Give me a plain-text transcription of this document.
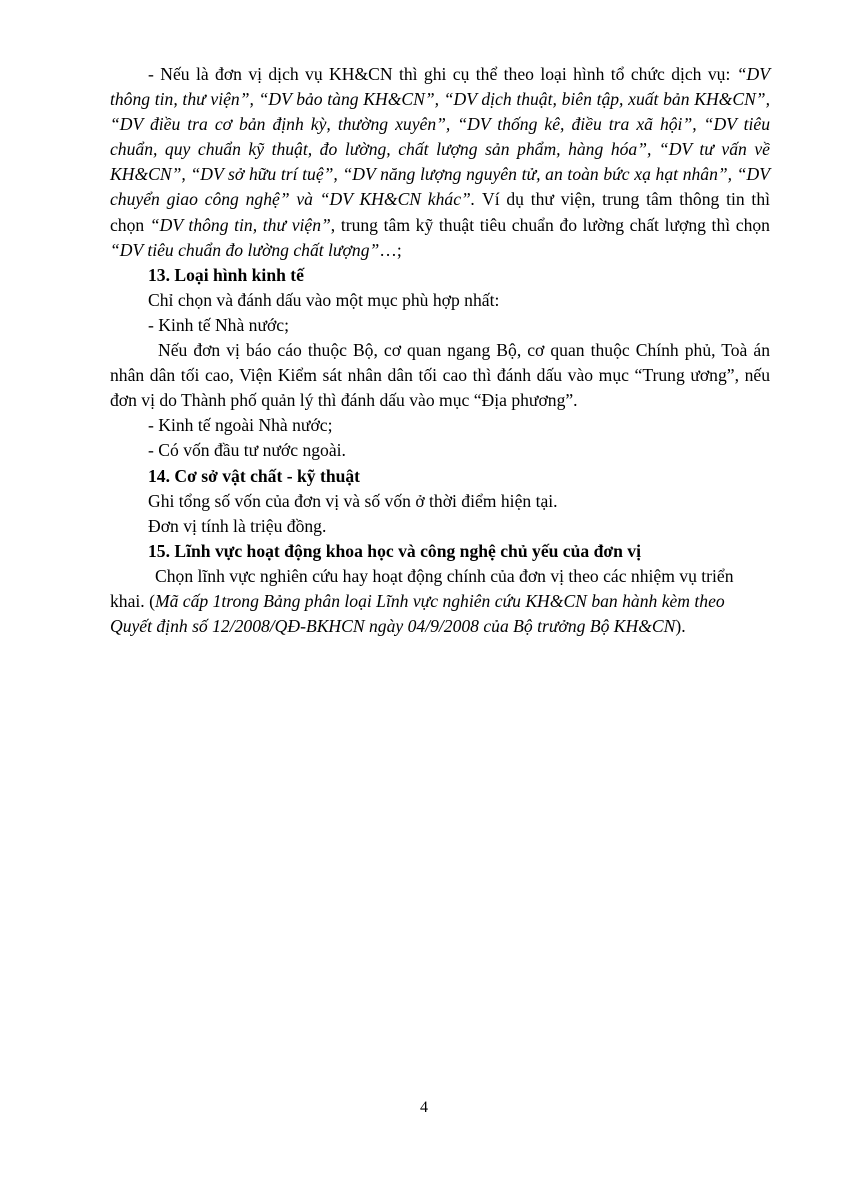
- Nếu là đơn vị dịch vụ KH&CN thì ghi cụ thể theo loại hình tổ chức dịch vụ: “DV thông tin, thư viện”, “DV bảo tàng KH&CN”, “DV dịch thuật, biên tập, xuất bản KH&CN”, “DV điều tra cơ bản định kỳ, thường xuyên”, “DV thống kê, điều tra xã hội”, “DV tiêu chuẩn, quy chuẩn kỹ thuật, đo lường, chất lượng sản phẩm, hàng hóa”, “DV tư vấn về KH&CN”, “DV sở hữu trí tuệ”, “DV năng lượng nguyên tử, an toàn bức xạ hạt nhân”, “DV chuyển giao công nghệ” và “DV KH&CN khác”. Ví dụ thư viện, trung tâm thông tin thì chọn “DV thông tin, thư viện”, trung tâm kỹ thuật tiêu chuẩn đo lường chất lượng thì chọn “DV tiêu chuẩn đo lường chất lượng”…;

13. Loại hình kinh tế

Chỉ chọn và đánh dấu vào một mục phù hợp nhất:

- Kinh tế Nhà nước;

Nếu đơn vị báo cáo thuộc Bộ, cơ quan ngang Bộ, cơ quan thuộc Chính phủ, Toà án nhân dân tối cao, Viện Kiểm sát nhân dân tối cao thì đánh dấu vào mục “Trung ương”, nếu đơn vị do Thành phố quản lý thì đánh dấu vào mục “Địa phương”.

- Kinh tế ngoài Nhà nước;

- Có vốn đầu tư nước ngoài.

14. Cơ sở vật chất - kỹ thuật

Ghi tổng số vốn của đơn vị và số vốn ở thời điểm hiện tại.

Đơn vị tính là triệu đồng.

15. Lĩnh vực hoạt động khoa học và công nghệ chủ yếu của đơn vị

Chọn lĩnh vực nghiên cứu hay hoạt động chính của đơn vị theo các nhiệm vụ triển khai. (Mã cấp 1trong Bảng phân loại Lĩnh vực nghiên cứu KH&CN ban hành kèm theo Quyết định số 12/2008/QĐ-BKHCN ngày 04/9/2008 của Bộ trưởng Bộ KH&CN).

4
